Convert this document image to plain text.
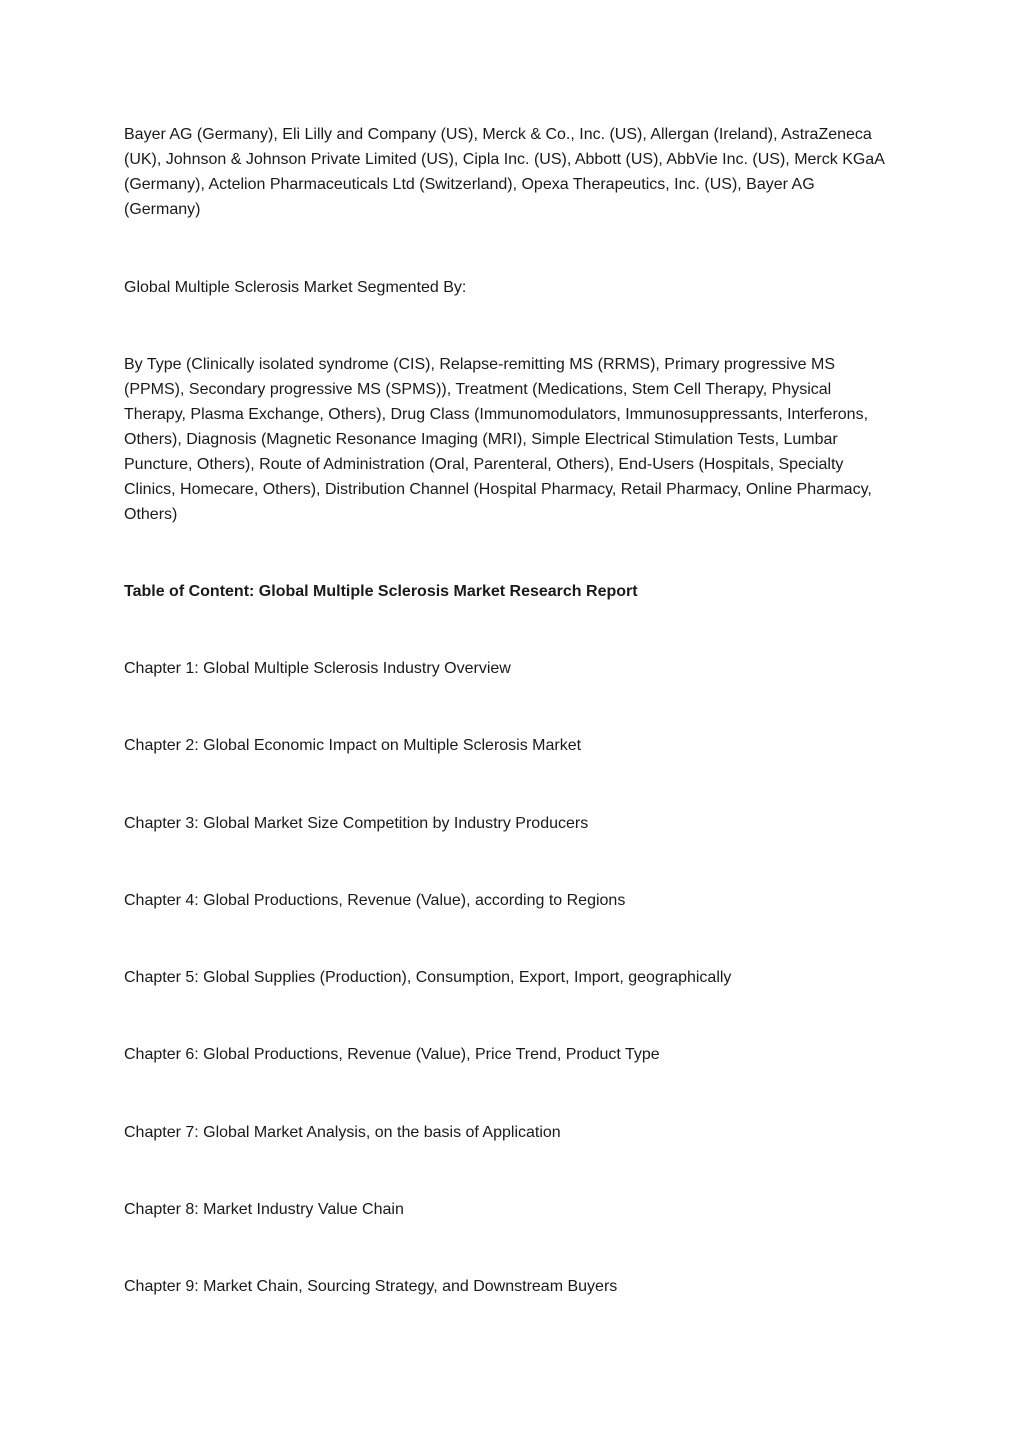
Bayer AG (Germany), Eli Lilly and Company (US), Merck & Co., Inc. (US), Allergan (Ireland), AstraZeneca (UK), Johnson & Johnson Private Limited (US), Cipla Inc. (US), Abbott (US), AbbVie Inc. (US), Merck KGaA (Germany), Actelion Pharmaceuticals Ltd (Switzerland), Opexa Therapeutics, Inc. (US), Bayer AG (Germany)

Global Multiple Sclerosis Market Segmented By:

By Type (Clinically isolated syndrome (CIS), Relapse-remitting MS (RRMS), Primary progressive MS (PPMS), Secondary progressive MS (SPMS)), Treatment (Medications, Stem Cell Therapy, Physical Therapy, Plasma Exchange, Others), Drug Class (Immunomodulators, Immunosuppressants, Interferons, Others), Diagnosis (Magnetic Resonance Imaging (MRI), Simple Electrical Stimulation Tests, Lumbar Puncture, Others), Route of Administration (Oral, Parenteral, Others), End-Users (Hospitals, Specialty Clinics, Homecare, Others), Distribution Channel (Hospital Pharmacy, Retail Pharmacy, Online Pharmacy, Others)

Table of Content: Global Multiple Sclerosis Market Research Report

Chapter 1: Global Multiple Sclerosis Industry Overview

Chapter 2: Global Economic Impact on Multiple Sclerosis Market

Chapter 3: Global Market Size Competition by Industry Producers

Chapter 4: Global Productions, Revenue (Value), according to Regions

Chapter 5: Global Supplies (Production), Consumption, Export, Import, geographically

Chapter 6: Global Productions, Revenue (Value), Price Trend, Product Type

Chapter 7: Global Market Analysis, on the basis of Application

Chapter 8: Market Industry Value Chain

Chapter 9: Market Chain, Sourcing Strategy, and Downstream Buyers
